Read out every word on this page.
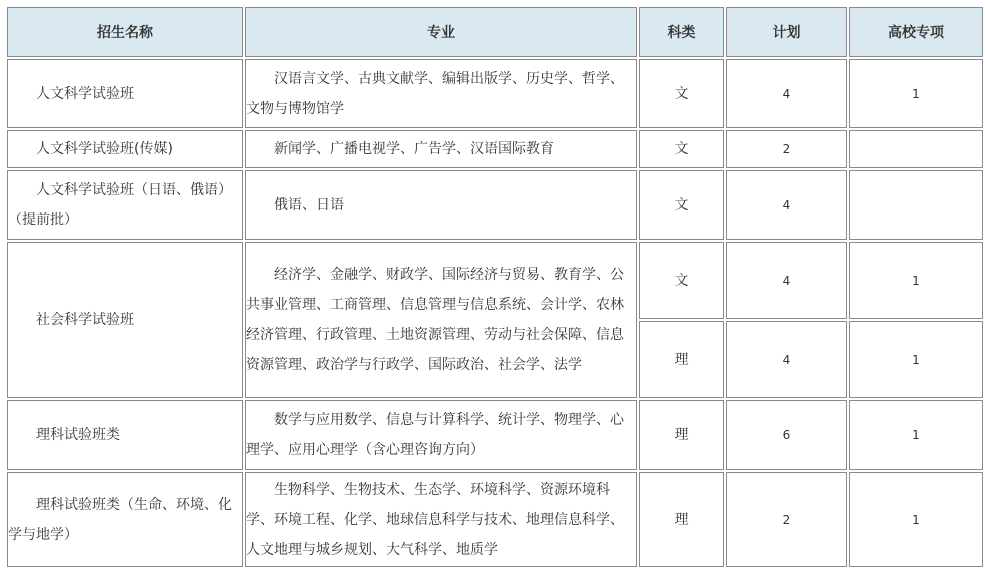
招生名称	专业	科类	计划	高校专项
人文科学试验班	汉语言文学、古典文献学、编辑出版学、历史学、哲学、文物与博物馆学	文	4	1
人文科学试验班(传媒)	新闻学、广播电视学、广告学、汉语国际教育	文	2	
人文科学试验班（日语、俄语）（提前批）	俄语、日语	文	4	
社会科学试验班	经济学、金融学、财政学、国际经济与贸易、教育学、公共事业管理、工商管理、信息管理与信息系统、会计学、农林经济管理、行政管理、土地资源管理、劳动与社会保障、信息资源管理、政治学与行政学、国际政治、社会学、法学	文	4	1
		理	4	1
理科试验班类	数学与应用数学、信息与计算科学、统计学、物理学、心理学、应用心理学（含心理咨询方向）	理	6	1
理科试验班类（生命、环境、化学与地学）	生物科学、生物技术、生态学、环境科学、资源环境科学、环境工程、化学、地球信息科学与技术、地理信息科学、人文地理与城乡规划、大气科学、地质学	理	2	1
